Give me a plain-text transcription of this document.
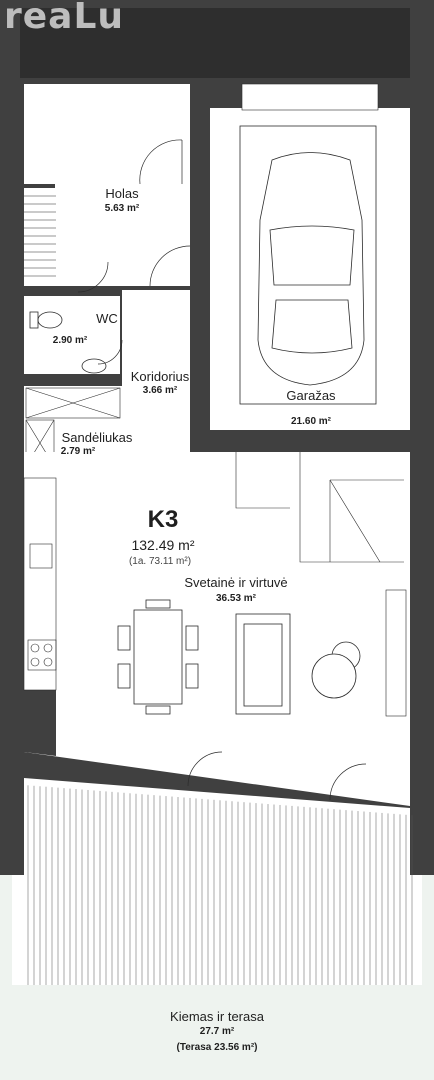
reaLu
Holas
5.63 m²
WC
2.90 m²
Koridorius
3.66 m²
Sandėliukas
2.79 m²
Garažas
21.60 m²
K3
132.49 m²
(1a. 73.11 m²)
Svetainė ir virtuvė
36.53 m²
Kiemas ir terasa
27.7 m²
(Terasa 23.56 m²)
